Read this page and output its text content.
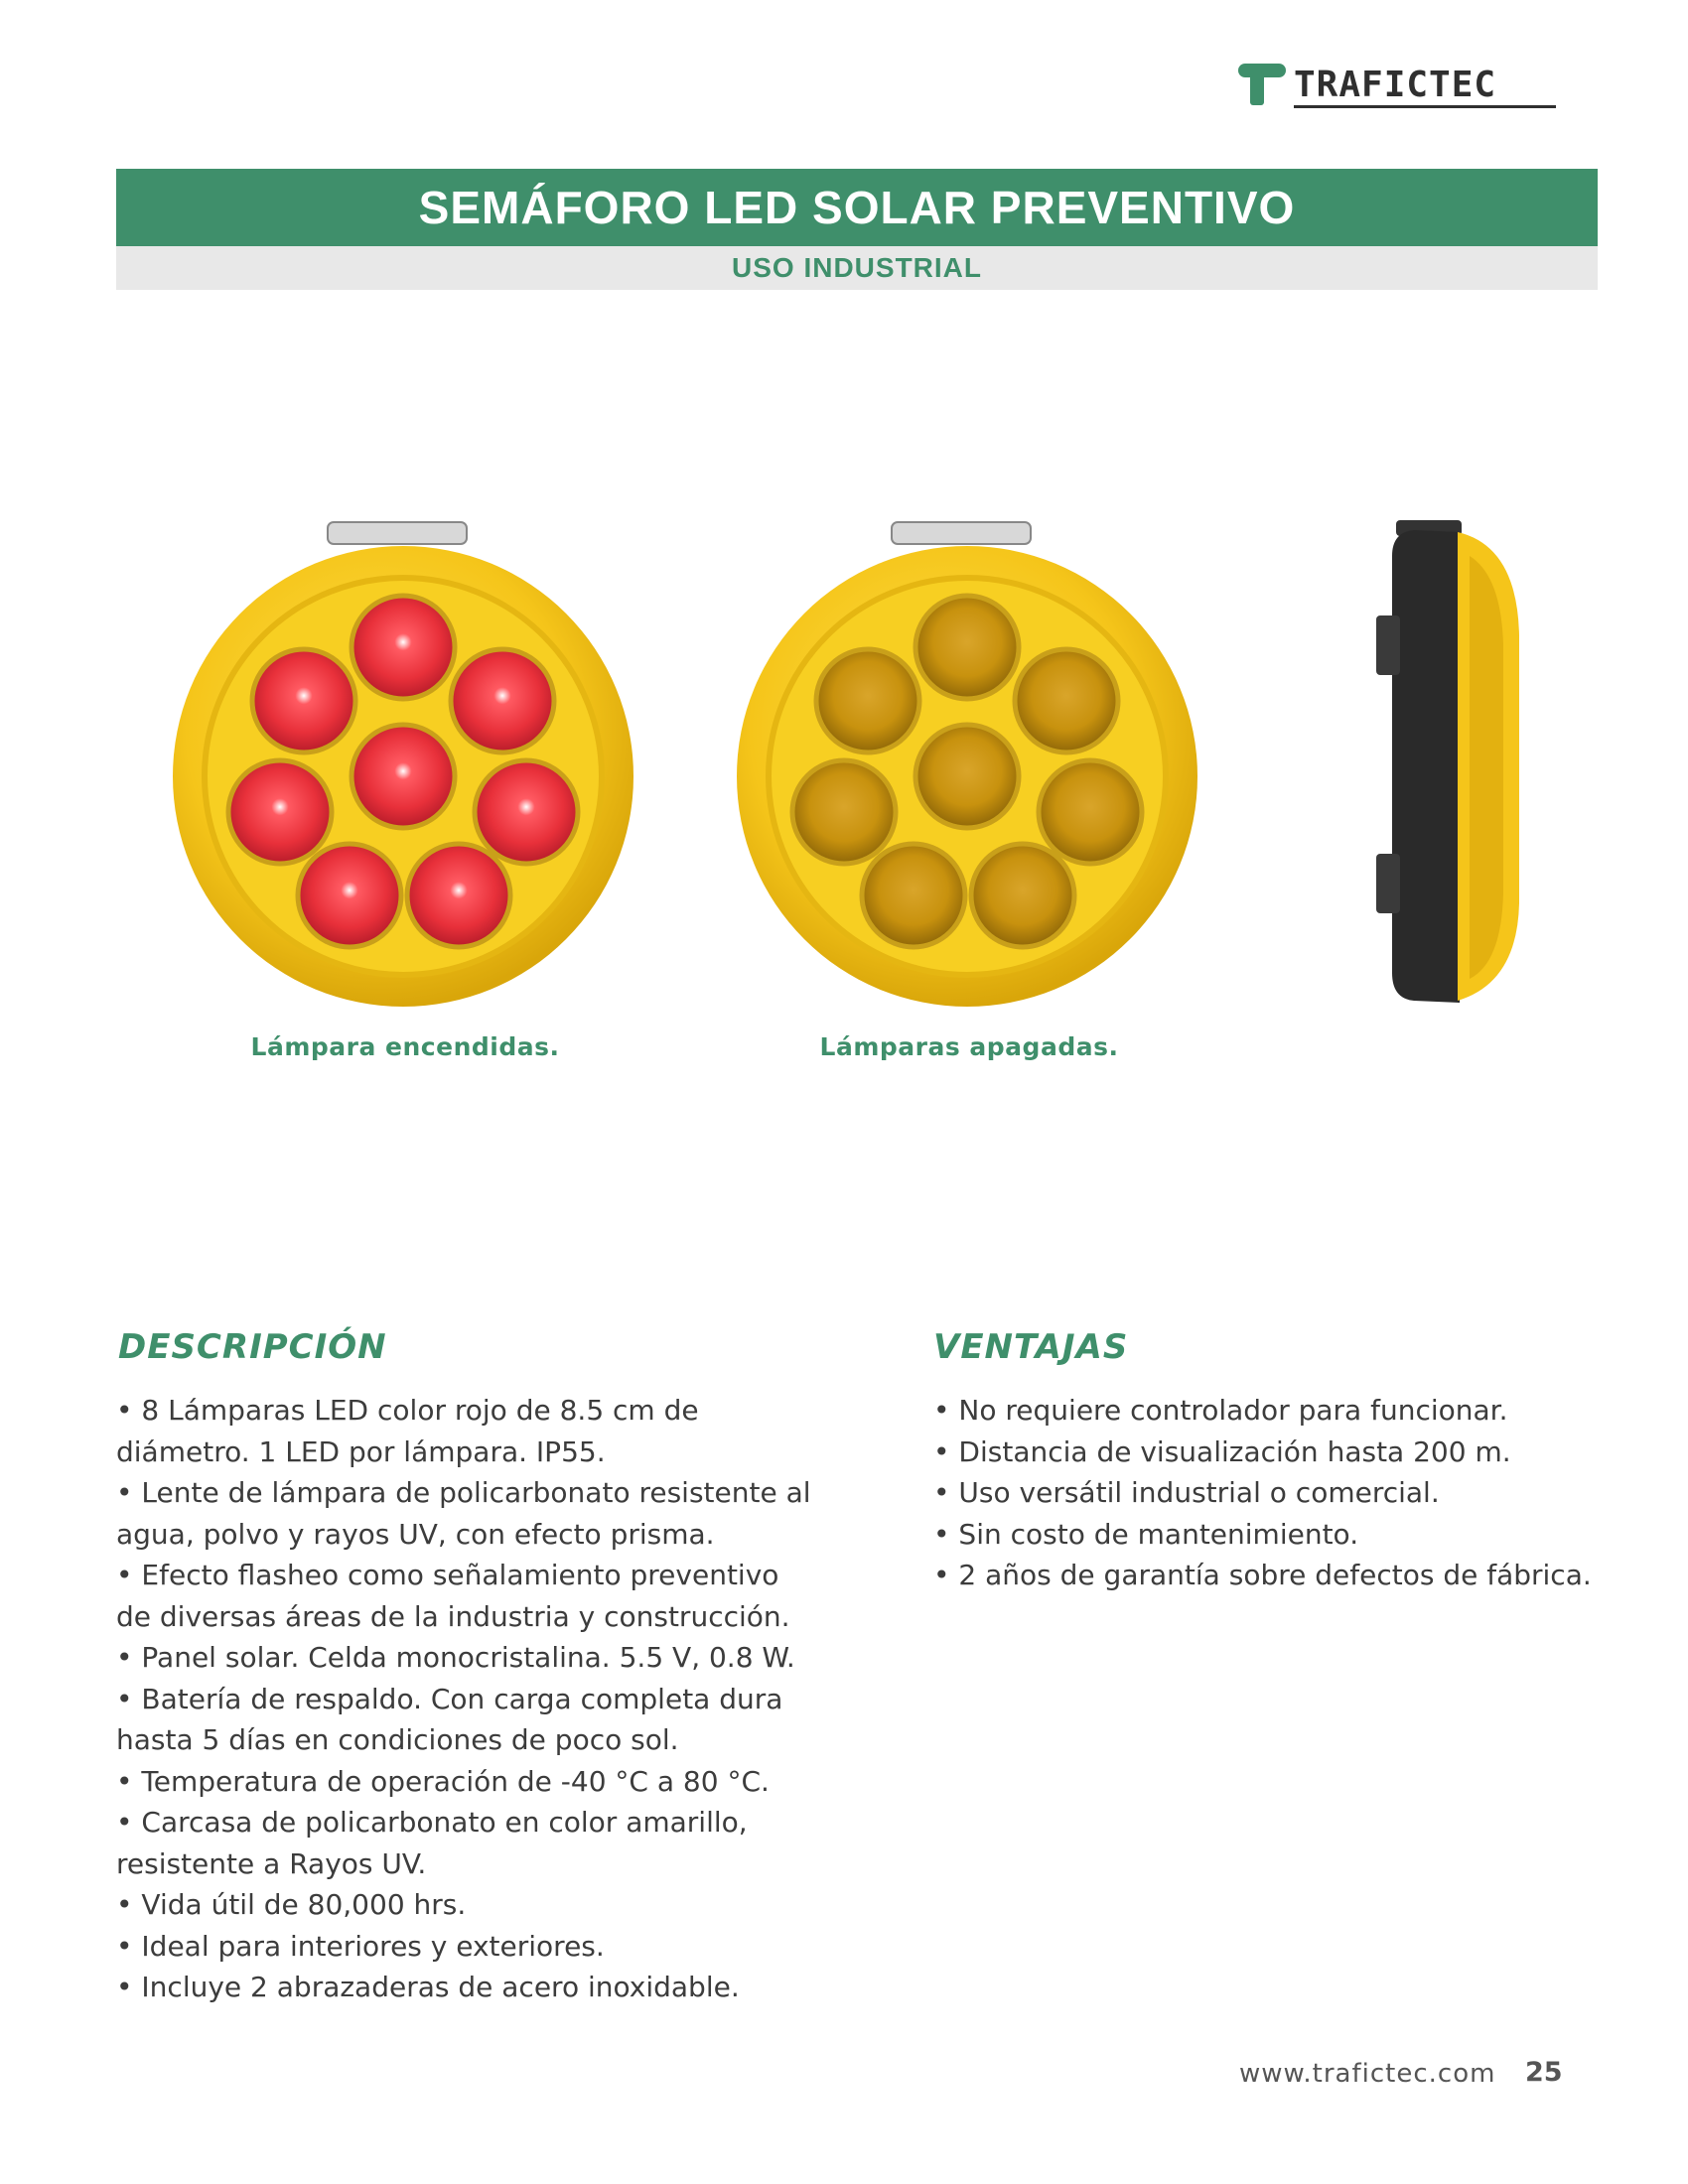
TRAFICTEC
SEMÁFORO LED SOLAR PREVENTIVO
USO INDUSTRIAL
Lámpara encendidas.	Lámparas apagadas.
DESCRIPCIÓN
• 8 Lámparas LED color rojo de 8.5 cm de diámetro. 1 LED por lámpara. IP55.
• Lente de lámpara de policarbonato resistente al agua, polvo y rayos UV, con efecto prisma.
• Efecto flasheo como señalamiento preventivo de diversas áreas de la industria y construcción.
• Panel solar. Celda monocristalina. 5.5 V, 0.8 W.
• Batería de respaldo. Con carga completa dura hasta 5 días en condiciones de poco sol.
• Temperatura de operación de -40 °C a 80 °C.
• Carcasa de policarbonato en color amarillo, resistente a Rayos UV.
• Vida útil de 80,000 hrs.
• Ideal para interiores y exteriores.
• Incluye 2 abrazaderas de acero inoxidable.
VENTAJAS
• No requiere controlador para funcionar.
• Distancia de visualización hasta 200 m.
• Uso versátil industrial o comercial.
• Sin costo de mantenimiento.
• 2 años de garantía sobre defectos de fábrica.
www.trafictec.com 25
